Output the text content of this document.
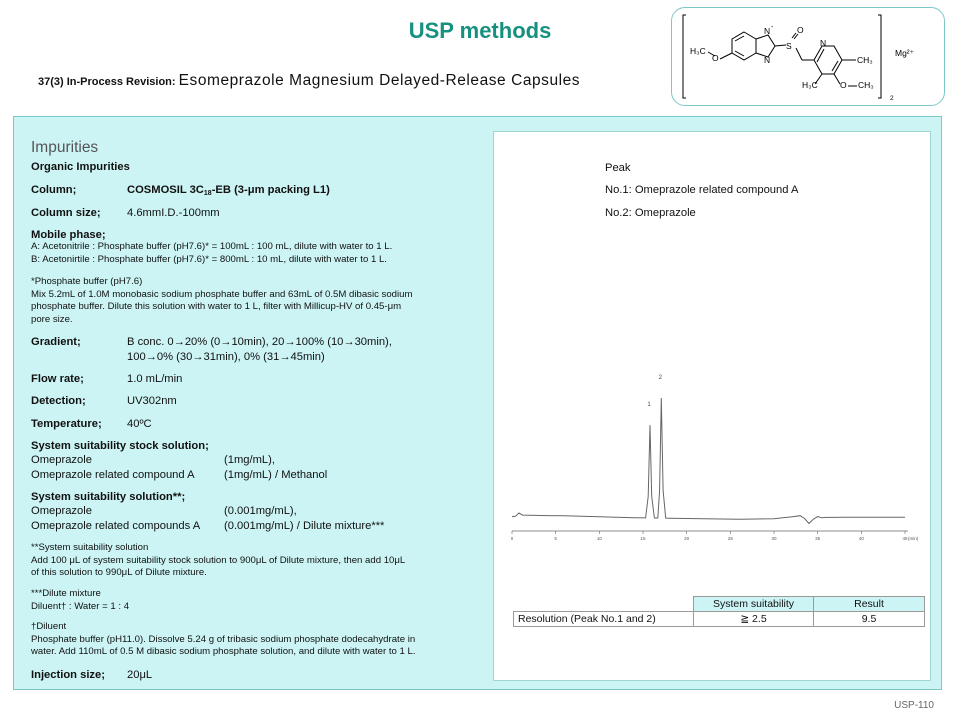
USP methods
37(3) In-Process Revision: Esomeprazole Magnesium Delayed-Release Capsules
H₃C
O
N -
N
S
O
N
CH₃
H₃C	O CH₃
Mg²⁺
2
Impurities
Organic Impurities
Column;	COSMOSIL $3C_{18}-EB$ (3-μm packing L1)
Column size; 4.6mmI.D.-100mm
Mobile phase;
A: Acetonitrile : Phosphate buffer (pH7.6)* = 100mL : 100 mL, dilute with water to 1 L.
B: Acetonirtile : Phosphate buffer (pH7.6)* = 800mL : 10 mL, dilute with water to 1 L.
*Phosphate buffer (pH7.6)
Mix 5.2mL of 1.0M monobasic sodium phosphate buffer and 63mL of 0.5M dibasic sodium
phosphate buffer. Dilute this solution with water to 1 L, filter with Millicup-HV of 0.45-μm
pore size.
Gradient;	B conc. 0→20% (0→10min), 20→100% (10→30min),
100→0% (30→31min), 0% (31→45min)
Flow rate;	1.0 mL/min
Detection;	UV302nm
Temperature; 40ºC
System suitability stock solution;
Omeprazole	(1mg/mL),
Omeprazole related compound A	(1mg/mL) / Methanol
System suitability solution**;
Omeprazole	(0.001mg/mL),
Omeprazole related compounds A (0.001mg/mL) / Dilute mixture***
**System suitability solution
Add 100 μL of system suitability stock solution to 900μL of Dilute mixture, then add 10μL
of this solution to 990μL of Dilute mixture.
***Dilute mixture
Diluent† : Water = 1 : 4
†Diluent
Phosphate buffer (pH11.0). Dissolve 5.24 g of tribasic sodium phosphate dodecahydrate in
water. Add 110mL of 0.5 M dibasic sodium phosphate solution, and dilute with water to 1 L.
Injection size; 20μL
Peak
No.1: Omeprazole related compound A
No.2: Omeprazole
0	5	10	15	20	25	30	35	40	45 (min)
1
2
	System suitability	Result
Resolution (Peak No.1 and 2)	≧ 2.5	9.5
USP-110
